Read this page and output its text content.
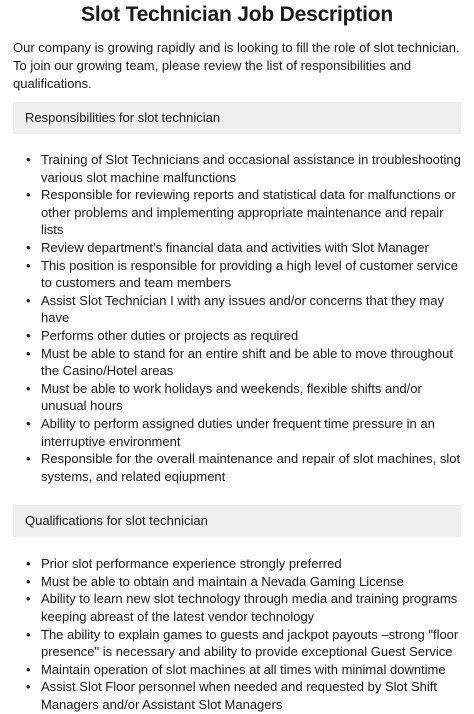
Slot Technician Job Description

Our company is growing rapidly and is looking to fill the role of slot technician. To join our growing team, please review the list of responsibilities and qualifications.

Responsibilities for slot technician
• Training of Slot Technicians and occasional assistance in troubleshooting various slot machine malfunctions
• Responsible for reviewing reports and statistical data for malfunctions or other problems and implementing appropriate maintenance and repair lists
• Review department’s financial data and activities with Slot Manager
• This position is responsible for providing a high level of customer service to customers and team members
• Assist Slot Technician I with any issues and/or concerns that they may have
• Performs other duties or projects as required
• Must be able to stand for an entire shift and be able to move throughout the Casino/Hotel areas
• Must be able to work holidays and weekends, flexible shifts and/or unusual hours
• Ability to perform assigned duties under frequent time pressure in an interruptive environment
• Responsible for the overall maintenance and repair of slot machines, slot systems, and related eqiupment
Qualifications for slot technician
• Prior slot performance experience strongly preferred
• Must be able to obtain and maintain a Nevada Gaming License
• Ability to learn new slot technology through media and training programs keeping abreast of the latest vendor technology
• The ability to explain games to guests and jackpot payouts –strong "floor presence" is necessary and ability to provide exceptional Guest Service
• Maintain operation of slot machines at all times with minimal downtime
• Assist Slot Floor personnel when needed and requested by Slot Shift Managers and/or Assistant Slot Managers
